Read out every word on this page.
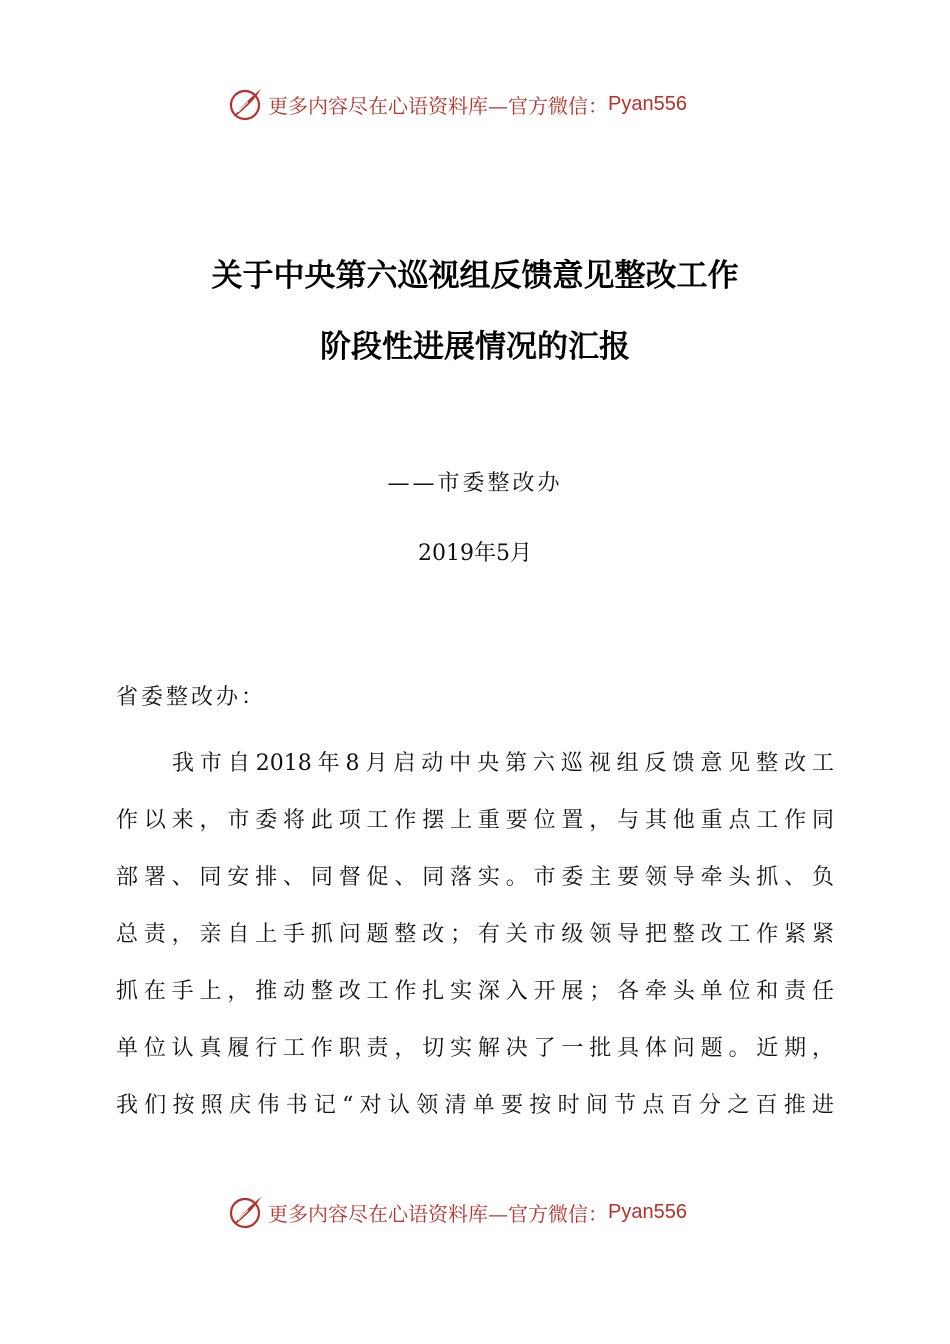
更多内容尽在心语资料库—官方微信： Pyan556
关于中央第六巡视组反馈意见整改工作
阶段性进展情况的汇报
——市委整改办
2019年5月
省委整改办：
我市自2018年8月启动中央第六巡视组反馈意见整改工
作以来，市委将此项工作摆上重要位置，与其他重点工作同
部署、同安排、同督促、同落实。市委主要领导牵头抓、负
总责，亲自上手抓问题整改；有关市级领导把整改工作紧紧
抓在手上，推动整改工作扎实深入开展；各牵头单位和责任
单位认真履行工作职责，切实解决了一批具体问题。近期，
我们按照庆伟书记“对认领清单要按时间节点百分之百推进
更多内容尽在心语资料库—官方微信： Pyan556
